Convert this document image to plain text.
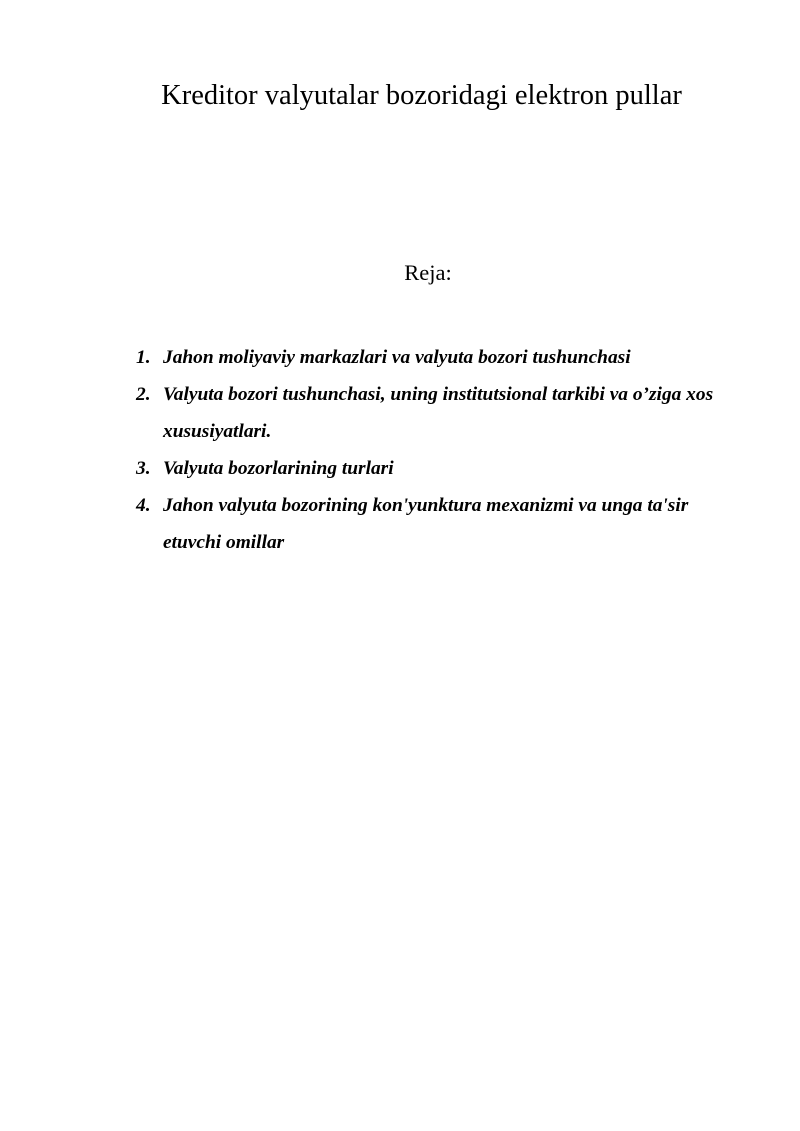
Kreditor valyutalar bozoridagi elektron pullar
Reja:
1. Jahon moliyaviy markazlari va valyuta bozori tushunchasi
2. Valyuta bozori tushunchasi, uning institutsional tarkibi va o’ziga xos xususiyatlari.
3. Valyuta bozorlarining turlari
4. Jahon valyuta bozorining kon'yunktura mexanizmi va unga ta'sir etuvchi omillar
